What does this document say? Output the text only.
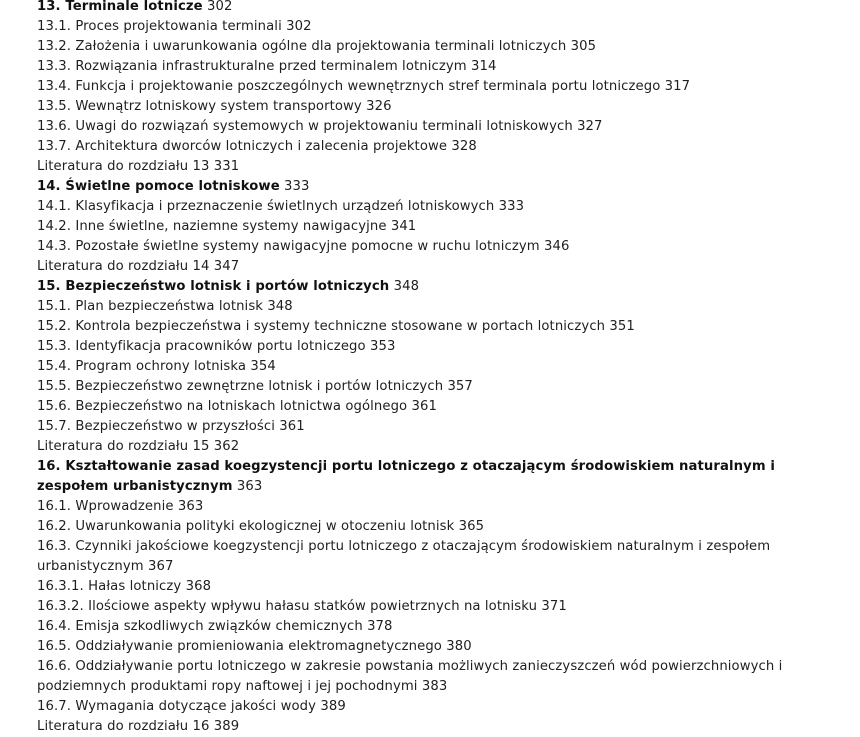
13. Terminale lotnicze 302
13.1. Proces projektowania terminali 302
13.2. Założenia i uwarunkowania ogólne dla projektowania terminali lotniczych 305
13.3. Rozwiązania infrastrukturalne przed terminalem lotniczym 314
13.4. Funkcja i projektowanie poszczególnych wewnętrznych stref terminala portu lotniczego 317
13.5. Wewnątrz lotniskowy system transportowy 326
13.6. Uwagi do rozwiązań systemowych w projektowaniu terminali lotniskowych 327
13.7. Architektura dworców lotniczych i zalecenia projektowe 328
Literatura do rozdziału 13 331
14. Świetlne pomoce lotniskowe 333
14.1. Klasyfikacja i przeznaczenie świetlnych urządzeń lotniskowych 333
14.2. Inne świetlne, naziemne systemy nawigacyjne 341
14.3. Pozostałe świetlne systemy nawigacyjne pomocne w ruchu lotniczym 346
Literatura do rozdziału 14 347
15. Bezpieczeństwo lotnisk i portów lotniczych 348
15.1. Plan bezpieczeństwa lotnisk 348
15.2. Kontrola bezpieczeństwa i systemy techniczne stosowane w portach lotniczych 351
15.3. Identyfikacja pracowników portu lotniczego 353
15.4. Program ochrony lotniska 354
15.5. Bezpieczeństwo zewnętrzne lotnisk i portów lotniczych 357
15.6. Bezpieczeństwo na lotniskach lotnictwa ogólnego 361
15.7. Bezpieczeństwo w przyszłości 361
Literatura do rozdziału 15 362
16. Kształtowanie zasad koegzystencji portu lotniczego z otaczającym środowiskiem naturalnym i zespołem urbanistycznym 363
16.1. Wprowadzenie 363
16.2. Uwarunkowania polityki ekologicznej w otoczeniu lotnisk 365
16.3. Czynniki jakościowe koegzystencji portu lotniczego z otaczającym środowiskiem naturalnym i zespołem urbanistycznym 367
16.3.1. Hałas lotniczy 368
16.3.2. Ilościowe aspekty wpływu hałasu statków powietrznych na lotnisku 371
16.4. Emisja szkodliwych związków chemicznych 378
16.5. Oddziaływanie promieniowania elektromagnetycznego 380
16.6. Oddziaływanie portu lotniczego w zakresie powstania możliwych zanieczyszczeń wód powierzchniowych i podziemnych produktami ropy naftowej i jej pochodnymi 383
16.7. Wymagania dotyczące jakości wody 389
Literatura do rozdziału 16 389
